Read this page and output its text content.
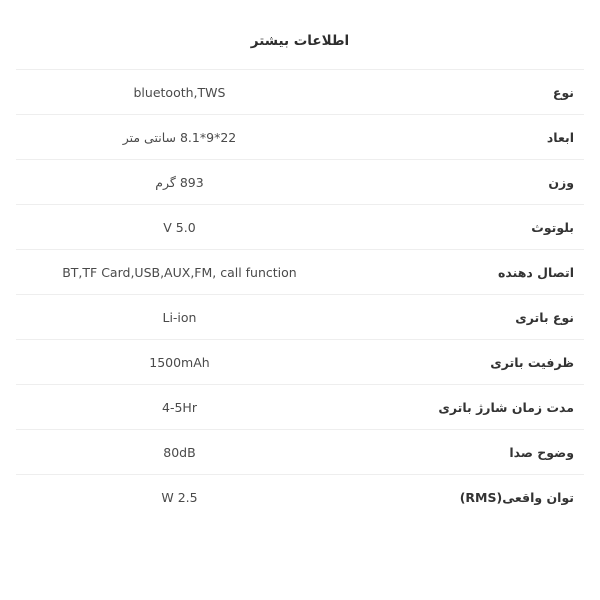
اطلاعات بیشتر
نوع	bluetooth,TWS
ابعاد	22*9*8.1 سانتی متر
وزن	893 گرم
بلوتوث	V 5.0
اتصال دهنده	BT,TF Card,USB,AUX,FM, call function
نوع باتری	Li-ion
ظرفیت باتری	1500mAh
مدت زمان شارژ باتری	4-5Hr
وضوح صدا	80dB
توان واقعی(RMS)	W 2.5
